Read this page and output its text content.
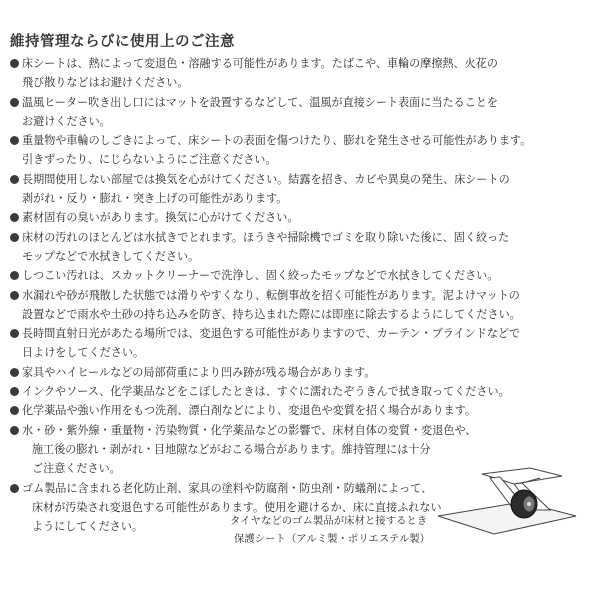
維持管理ならびに使用上のご注意
床シートは、熱によって変退色・溶融する可能性があります。たばこや、車輪の摩擦熱、火花の
飛び散りなどはお避けください。
温風ヒーター吹き出し口にはマットを設置するなどして、温風が直接シート表面に当たることを
お避けください。
重量物や車輪のしごきによって、床シートの表面を傷つけたり、膨れを発生させる可能性があります。
引きずったり、にじらないようにご注意ください。
長期間使用しない部屋では換気を心がけてください。結露を招き、カビや異臭の発生、床シートの
剥がれ・反り・膨れ・突き上げの可能性があります。
素材固有の臭いがあります。換気に心がけてください。
床材の汚れのほとんどは水拭きでとれます。ほうきや掃除機でゴミを取り除いた後に、固く絞った
モップなどで水拭きしてください。
しつこい汚れは、スカットクリーナーで洗浄し、固く絞ったモップなどで水拭きしてください。
水漏れや砂が飛散した状態では滑りやすくなり、転倒事故を招く可能性があります。泥よけマットの
設置などで雨水や土砂の持ち込みを防ぎ、持ち込まれた際には即座に除去するようにしてください。
長時間直射日光があたる場所では、変退色する可能性がありますので、カーテン・ブラインドなどで
日よけをしてください。
家具やハイヒールなどの局部荷重により凹み跡が残る場合があります。
インクやソース、化学薬品などをこぼしたときは、すぐに濡れたぞうきんで拭き取ってください。
化学薬品や強い作用をもつ洗剤、漂白剤などにより、変退色や変質を招く場合があります。
水・砂・紫外線・重量物・汚染物質・化学薬品などの影響で、床材自体の変質・変退色や、
施工後の膨れ・剥がれ・目地隙などがおこる場合があります。維持管理には十分
ご注意ください。
ゴム製品に含まれる老化防止剤、家具の塗料や防腐剤・防虫剤・防蟻剤によって、
床材が汚染され変退色する可能性があります。使用を避けるか、床に直接ふれない
ようにしてください。	タイヤなどのゴム製品が床材と接するとき
保護シート（アルミ製・ポリエステル製）
